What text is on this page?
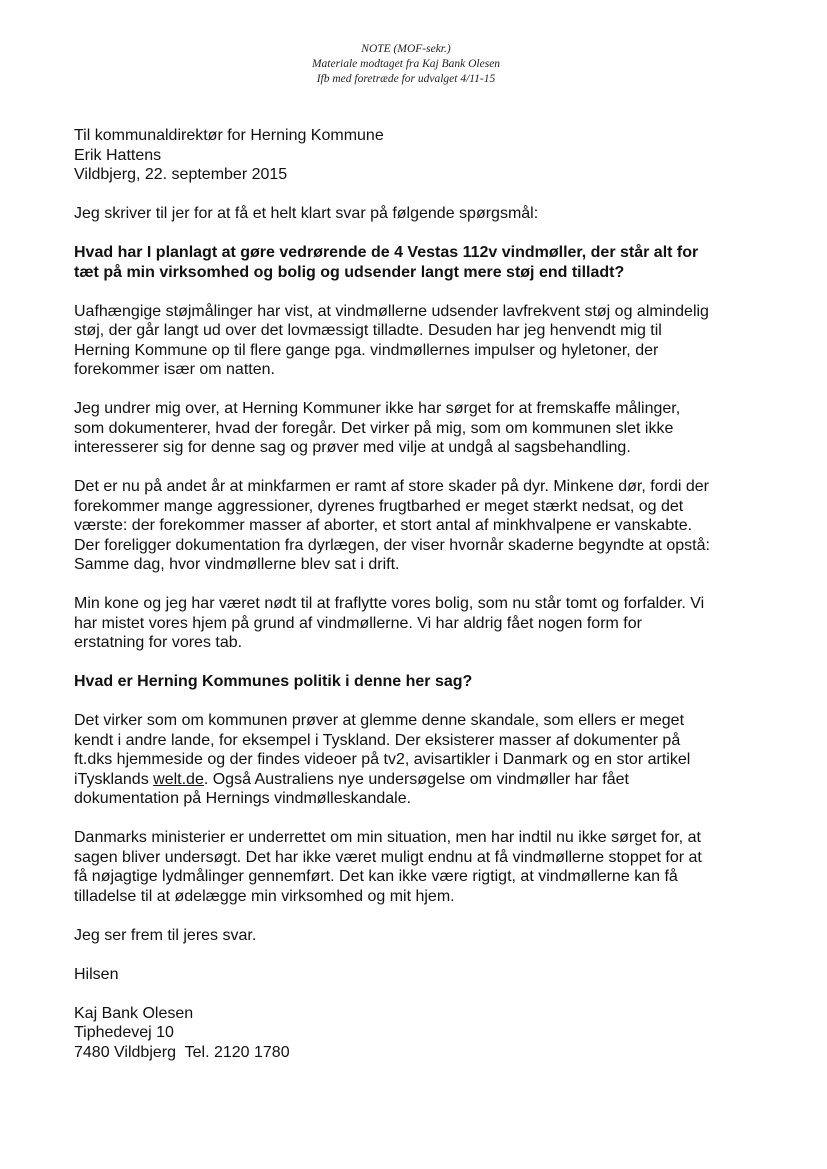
NOTE (MOF-sekr.)
Materiale modtaget fra Kaj Bank Olesen
Ifb med foretræde for udvalget 4/11-15

Til kommunaldirektør for Herning Kommune
Erik Hattens
Vildbjerg, 22. september 2015

Jeg skriver til jer for at få et helt klart svar på følgende spørgsmål:

Hvad har I planlagt at gøre vedrørende de 4 Vestas 112v vindmøller, der står alt for
tæt på min virksomhed og bolig og udsender langt mere støj end tilladt?

Uafhængige støjmålinger har vist, at vindmøllerne udsender lavfrekvent støj og almindelig
støj, der går langt ud over det lovmæssigt tilladte. Desuden har jeg henvendt mig til
Herning Kommune op til flere gange pga. vindmøllernes impulser og hyletoner, der
forekommer især om natten.

Jeg undrer mig over, at Herning Kommuner ikke har sørget for at fremskaffe målinger,
som dokumenterer, hvad der foregår. Det virker på mig, som om kommunen slet ikke
interesserer sig for denne sag og prøver med vilje at undgå al sagsbehandling.

Det er nu på andet år at minkfarmen er ramt af store skader på dyr. Minkene dør, fordi der
forekommer mange aggressioner, dyrenes frugtbarhed er meget stærkt nedsat, og det
værste: der forekommer masser af aborter, et stort antal af minkhvalpene er vanskabte.
Der foreligger dokumentation fra dyrlægen, der viser hvornår skaderne begyndte at opstå:
Samme dag, hvor vindmøllerne blev sat i drift.

Min kone og jeg har været nødt til at fraflytte vores bolig, som nu står tomt og forfalder. Vi
har mistet vores hjem på grund af vindmøllerne. Vi har aldrig fået nogen form for
erstatning for vores tab.

Hvad er Herning Kommunes politik i denne her sag?

Det virker som om kommunen prøver at glemme denne skandale, som ellers er meget
kendt i andre lande, for eksempel i Tyskland. Der eksisterer masser af dokumenter på
ft.dks hjemmeside og der findes videoer på tv2, avisartikler i Danmark og en stor artikel
iTysklands welt.de. Også Australiens nye undersøgelse om vindmøller har fået
dokumentation på Hernings vindmølleskandale.

Danmarks ministerier er underrettet om min situation, men har indtil nu ikke sørget for, at
sagen bliver undersøgt. Det har ikke været muligt endnu at få vindmøllerne stoppet for at
få nøjagtige lydmålinger gennemført. Det kan ikke være rigtigt, at vindmøllerne kan få
tilladelse til at ødelægge min virksomhed og mit hjem.

Jeg ser frem til jeres svar.

Hilsen

Kaj Bank Olesen
Tiphedevej 10
7480 Vildbjerg  Tel. 2120 1780
